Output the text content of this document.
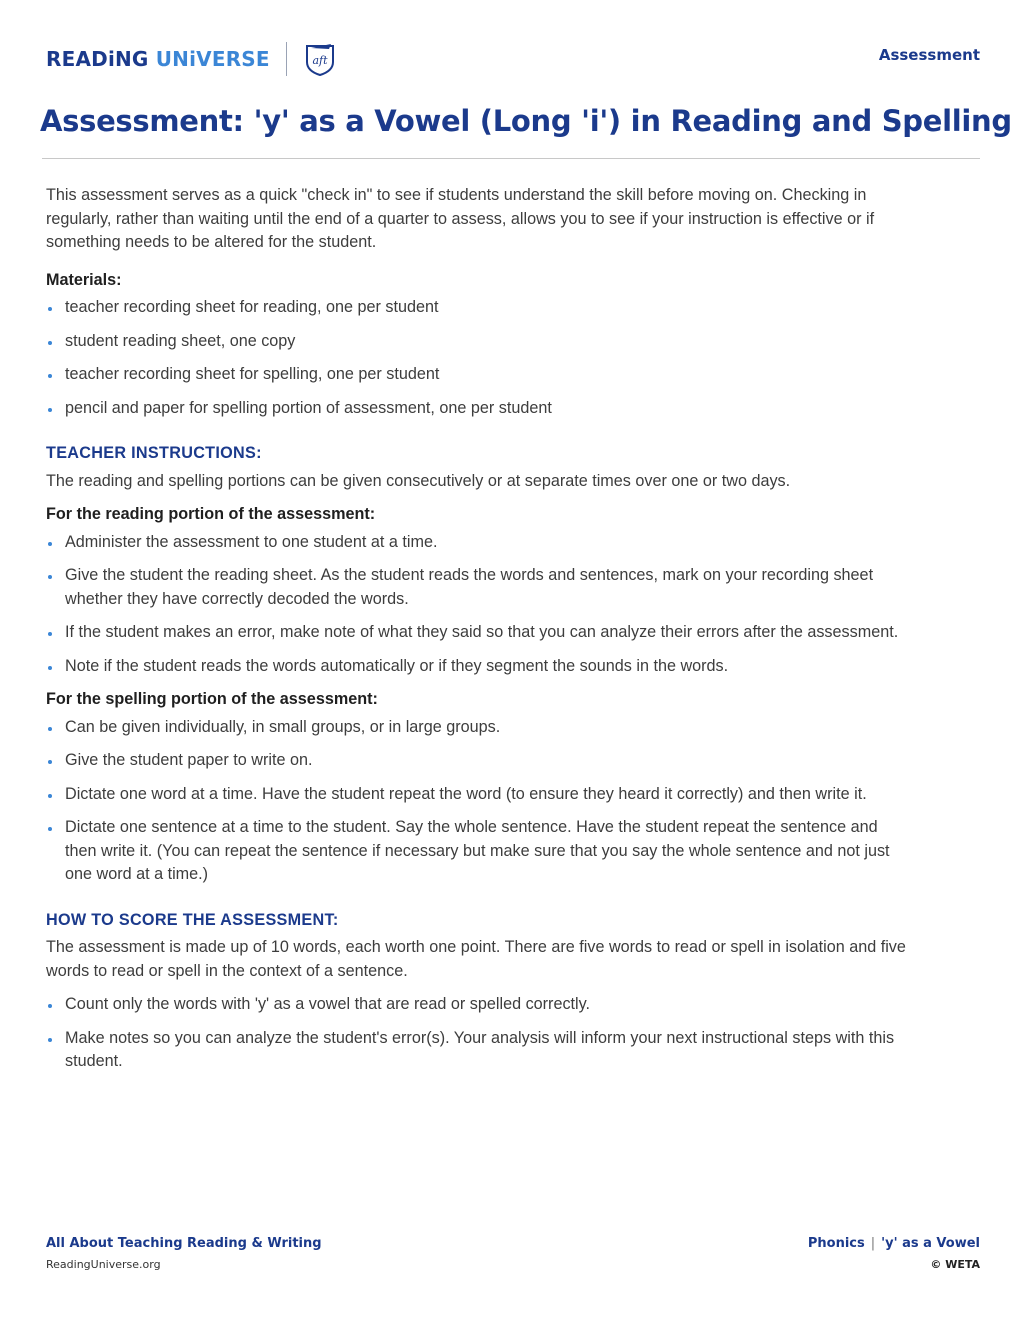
READiNG UNiVERSE	aft	Assessment
Assessment: 'y' as a Vowel (Long 'i') in Reading and Spelling

This assessment serves as a quick "check in" to see if students understand the skill before moving on. Checking in regularly, rather than waiting until the end of a quarter to assess, allows you to see if your instruction is effective or if something needs to be altered for the student.

Materials:

teacher recording sheet for reading, one per student
student reading sheet, one copy
teacher recording sheet for spelling, one per student
pencil and paper for spelling portion of assessment, one per student

TEACHER INSTRUCTIONS:

The reading and spelling portions can be given consecutively or at separate times over one or two days.

For the reading portion of the assessment:

Administer the assessment to one student at a time.
Give the student the reading sheet. As the student reads the words and sentences, mark on your recording sheet whether they have correctly decoded the words.
If the student makes an error, make note of what they said so that you can analyze their errors after the assessment.
Note if the student reads the words automatically or if they segment the sounds in the words.

For the spelling portion of the assessment:

Can be given individually, in small groups, or in large groups.
Give the student paper to write on.
Dictate one word at a time. Have the student repeat the word (to ensure they heard it correctly) and then write it.
Dictate one sentence at a time to the student. Say the whole sentence. Have the student repeat the sentence and then write it. (You can repeat the sentence if necessary but make sure that you say the whole sentence and not just one word at a time.)

HOW TO SCORE THE ASSESSMENT:

The assessment is made up of 10 words, each worth one point. There are five words to read or spell in isolation and five words to read or spell in the context of a sentence.

Count only the words with 'y' as a vowel that are read or spelled correctly.
Make notes so you can analyze the student's error(s). Your analysis will inform your next instructional steps with this student.
All About Teaching Reading & Writing
ReadingUniverse.org
Phonics | 'y' as a Vowel
© WETA
